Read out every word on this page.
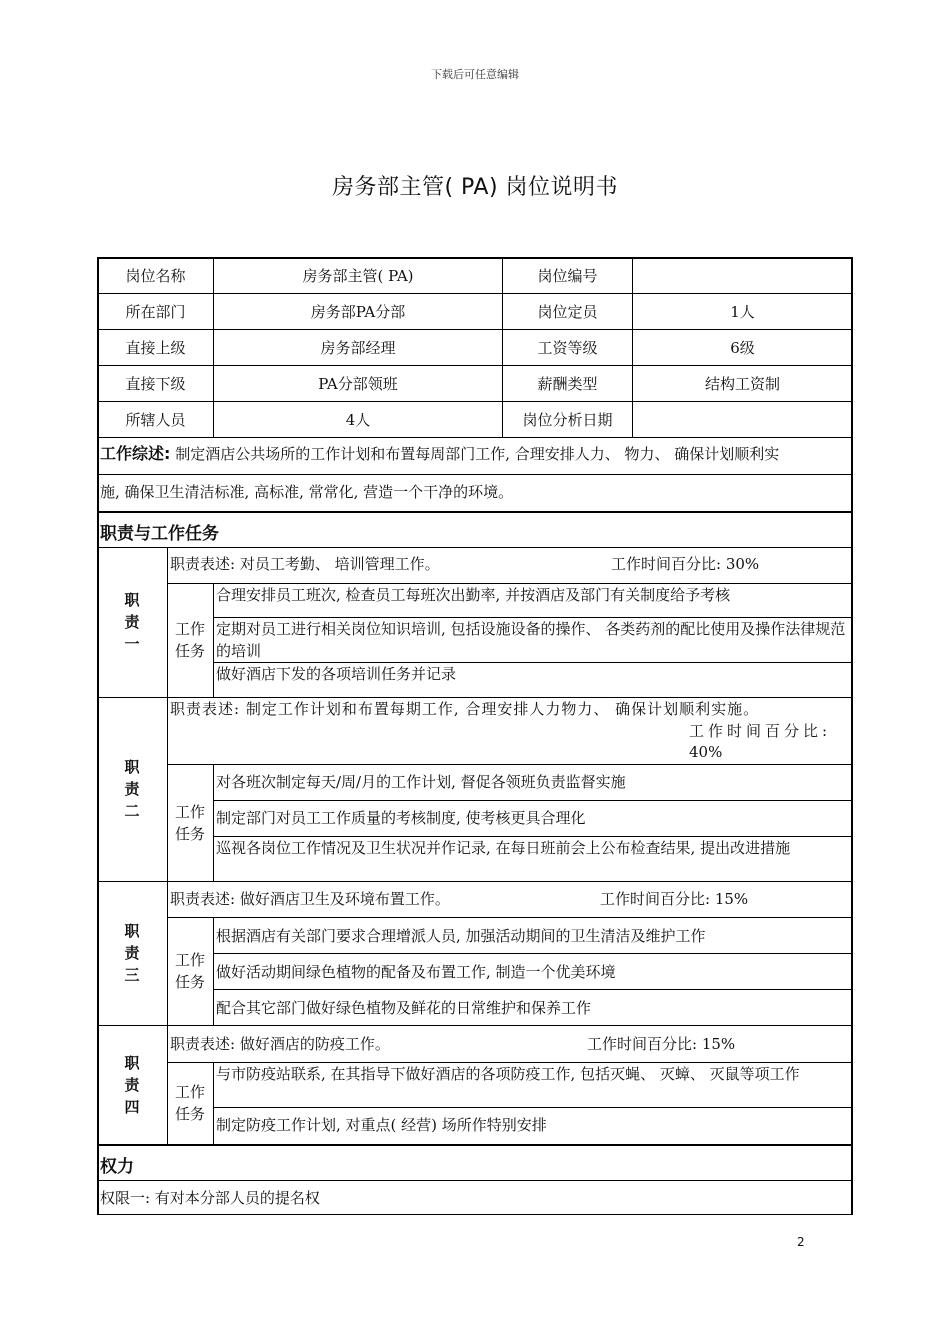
下载后可任意编辑
房务部主管( PA) 岗位说明书
岗位名称	房务部主管( PA)	岗位编号
所在部门	房务部PA分部	岗位定员	1人
直接上级	房务部经理	工资等级	6级
直接下级	PA分部领班	薪酬类型	结构工资制
所辖人员	4人	岗位分析日期
工作综述: 制定酒店公共场所的工作计划和布置每周部门工作, 合理安排人力、 物力、 确保计划顺利实
施, 确保卫生清洁标准, 高标准, 常常化, 营造一个干净的环境。
职责与工作任务
职责一
职责表述: 对员工考勤、 培训管理工作。	工作时间百分比: 30%
工作任务
合理安排员工班次, 检查员工每班次出勤率, 并按酒店及部门有关制度给予考核
定期对员工进行相关岗位知识培训, 包括设施设备的操作、 各类药剂的配比使用及操作法律规范的培训
做好酒店下发的各项培训任务并记录
职责二
职责表述: 制定工作计划和布置每期工作, 合理安排人力物力、 确保计划顺利实施。
工作时间百分比:
40%
工作任务
对各班次制定每天/周/月的工作计划, 督促各领班负责监督实施
制定部门对员工工作质量的考核制度, 使考核更具合理化
巡视各岗位工作情况及卫生状况并作记录, 在每日班前会上公布检查结果, 提出改进措施
职责三
职责表述: 做好酒店卫生及环境布置工作。	工作时间百分比: 15%
工作任务
根据酒店有关部门要求合理增派人员, 加强活动期间的卫生清洁及维护工作
做好活动期间绿色植物的配备及布置工作, 制造一个优美环境
配合其它部门做好绿色植物及鲜花的日常维护和保养工作
职责四
职责表述: 做好酒店的防疫工作。	工作时间百分比: 15%
工作任务
与市防疫站联系, 在其指导下做好酒店的各项防疫工作, 包括灭蝇、 灭蟑、 灭鼠等项工作
制定防疫工作计划, 对重点( 经营) 场所作特别安排
权力
权限一: 有对本分部人员的提名权
2
